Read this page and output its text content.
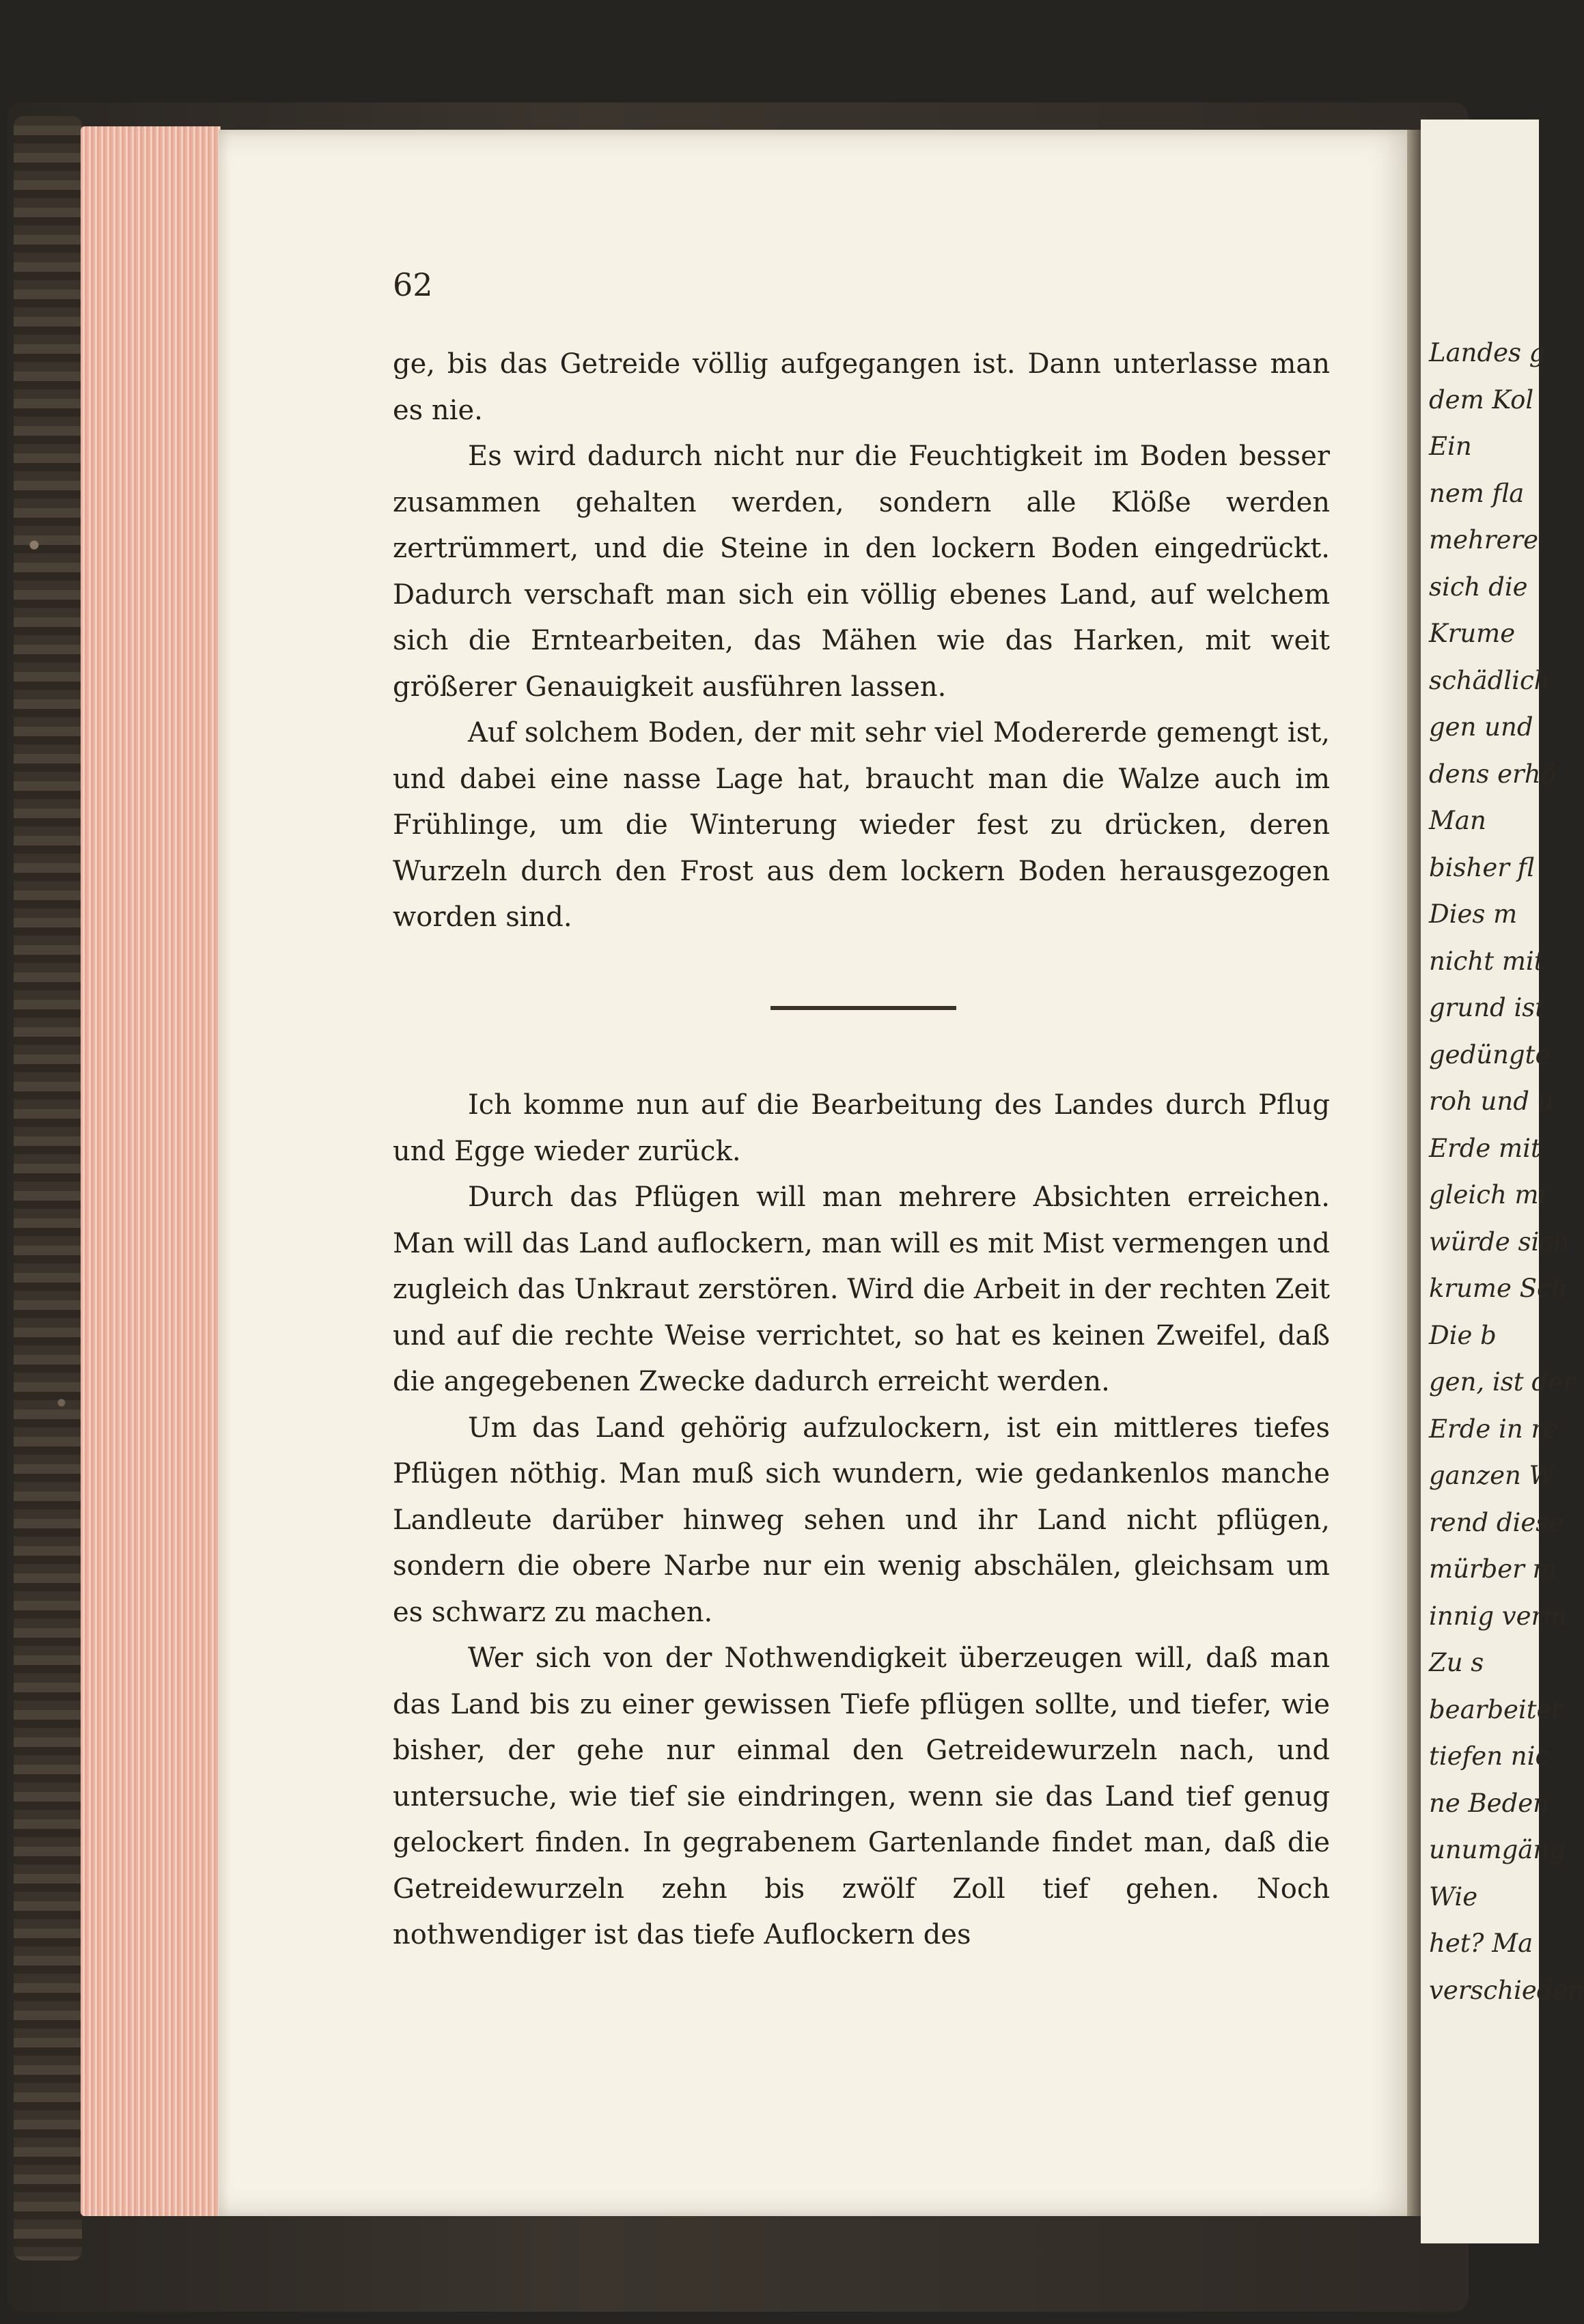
62

ge, bis das Getreide völlig aufgegangen ist. Dann unterlasse man es nie.

Es wird dadurch nicht nur die Feuchtigkeit im Boden besser zusammen gehalten werden, sondern alle Klöße werden zertrümmert, und die Steine in den lockern Boden eingedrückt. Dadurch verschaft man sich ein völlig ebenes Land, auf welchem sich die Erntearbeiten, das Mähen wie das Harken, mit weit größerer Genauigkeit ausführen lassen.

Auf solchem Boden, der mit sehr viel Modererde gemengt ist, und dabei eine nasse Lage hat, braucht man die Walze auch im Frühlinge, um die Winterung wieder fest zu drücken, deren Wurzeln durch den Frost aus dem lockern Boden herausgezogen worden sind.

Ich komme nun auf die Bearbeitung des Landes durch Pflug und Egge wieder zurück.

Durch das Pflügen will man mehrere Absichten erreichen. Man will das Land auflockern, man will es mit Mist vermengen und zugleich das Unkraut zerstören. Wird die Arbeit in der rechten Zeit und auf die rechte Weise verrichtet, so hat es keinen Zweifel, daß die angegebenen Zwecke dadurch erreicht werden.

Um das Land gehörig aufzulockern, ist ein mittleres tiefes Pflügen nöthig. Man muß sich wundern, wie gedankenlos manche Landleute darüber hinweg sehen und ihr Land nicht pflügen, sondern die obere Narbe nur ein wenig abschälen, gleichsam um es schwarz zu machen.

Wer sich von der Nothwendigkeit überzeugen will, daß man das Land bis zu einer gewissen Tiefe pflügen sollte, und tiefer, wie bisher, der gehe nur einmal den Getreidewurzeln nach, und untersuche, wie tief sie eindringen, wenn sie das Land tief genug gelockert finden. In gegrabenem Gartenlande findet man, daß die Getreidewurzeln zehn bis zwölf Zoll tief gehen. Noch nothwendiger ist das tiefe Auflockern des

Landes g
dem Kol
Ein
nem fla
mehrere
sich die
Krume
schädlich
gen und
dens erhö
Man
bisher fl
Dies m
nicht mit
grund ist
gedüngte
roh und u
Erde mit
gleich mi
würde sich
krume Sch
Die b
gen, ist der
Erde in re
ganzen W
rend diese
mürber m
innig verm
Zu s
bearbeitet
tiefen nic
ne Beden
unumgäng
Wie
het? Ma
verschieden
